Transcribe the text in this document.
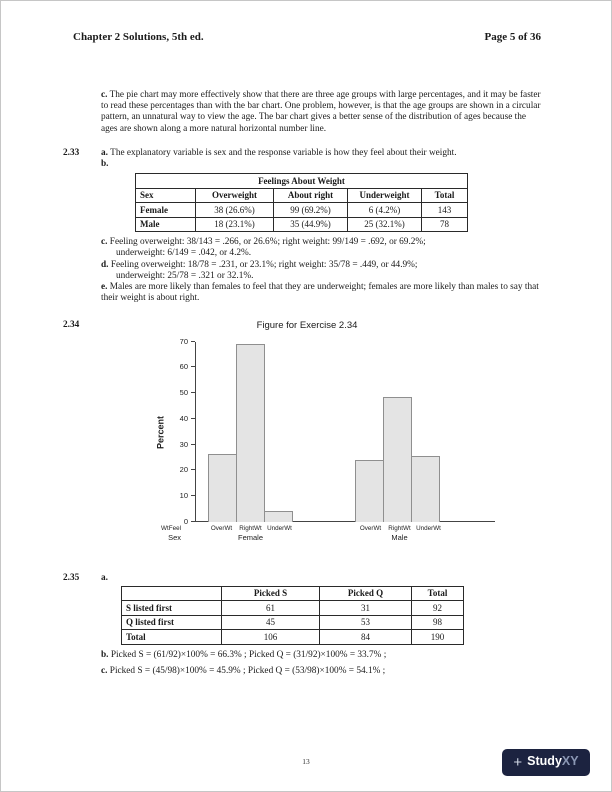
Chapter 2 Solutions, 5th ed.	Page 5 of 36
c. The pie chart may more effectively show that there are three age groups with large percentages, and it may be faster to read these percentages than with the bar chart. One problem, however, is that the age groups are shown in a circular pattern, an unnatural way to view the age. The bar chart gives a better sense of the distribution of ages because the ages are shown along a more natural horizontal number line.
2.33	a. The explanatory variable is sex and the response variable is how they feel about their weight.
b.
Feelings About Weight				
Sex	Overweight	About right	Underweight	Total
Female	38 (26.6%)	99 (69.2%)	6 (4.2%)	143
Male	18 (23.1%)	35 (44.9%)	25 (32.1%)	78
c. Feeling overweight: 38/143 = .266, or 26.6%; right weight: 99/149 = .692, or 69.2%;
underweight: 6/149 = .042, or 4.2%.
d. Feeling overweight: 18/78 = .231, or 23.1%; right weight: 35/78 = .449, or 44.9%;
underweight: 25/78 = .321 or 32.1%.
e. Males are more likely than females to feel that they are underweight; females are more likely than males to say that their weight is about right.
2.34	Figure for Exercise 2.34
Percent
0
10
20
30
40
50
60
70
WtFeel
Sex
OverWt	RightWt UnderWt
Female
OverWt	RightWt UnderWt
Male
2.35	a.
	Picked S	Picked Q	Total
S listed first	61	31	92
Q listed first	45	53	98
Total	106	84	190
b. Picked S = (61/92)×100% = 66.3% ; Picked Q = (31/92)×100% = 33.7% ;
c. Picked S = (45/98)×100% = 45.9% ; Picked Q = (53/98)×100% = 54.1% ;
13	+ StudyXY
